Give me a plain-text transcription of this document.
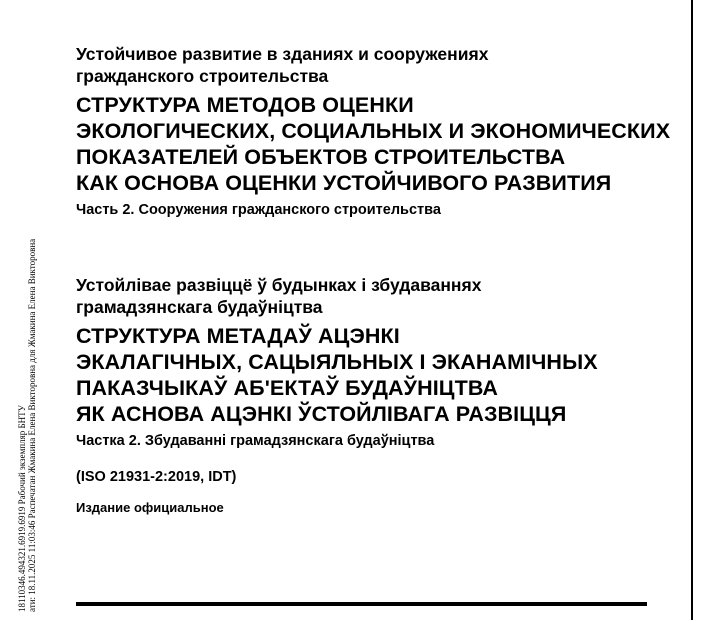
18110346.494321.6919.6919 Рабочий экземпляр БНТУ ати: 18.11.2025 11:03:46 Распечатан Жмакина Елена Викторовна для Жмакина Елена Викторовна
Устойчивое развитие в зданиях и сооружениях
гражданского строительства
СТРУКТУРА МЕТОДОВ ОЦЕНКИ
ЭКОЛОГИЧЕСКИХ, СОЦИАЛЬНЫХ И ЭКОНОМИЧЕСКИХ
ПОКАЗАТЕЛЕЙ ОБЪЕКТОВ СТРОИТЕЛЬСТВА
КАК ОСНОВА ОЦЕНКИ УСТОЙЧИВОГО РАЗВИТИЯ
Часть 2. Сооружения гражданского строительства
Устойлівае развіццё ў будынках і збудаваннях
грамадзянскага будаўніцтва
СТРУКТУРА МЕТАДАЎ АЦЭНКІ
ЭКАЛАГІЧНЫХ, САЦЫЯЛЬНЫХ І ЭКАНАМІЧНЫХ
ПАКАЗЧЫКАЎ АБ'ЕКТАЎ БУДАЎНІЦТВА
ЯК АСНОВА АЦЭНКІ ЎСТОЙЛІВАГА РАЗВІЦЦЯ
Частка 2. Збудаванні грамадзянскага будаўніцтва
(ISO 21931-2:2019, IDT)
Издание официальное
